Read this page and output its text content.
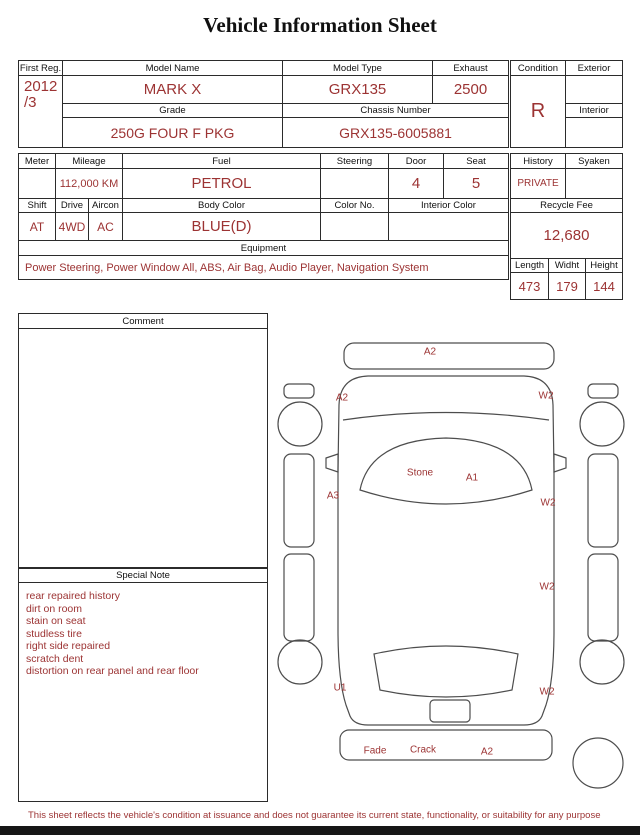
Vehicle Information Sheet
First Reg.	Model Name	Model Type	Exhaust
2012
/3	MARK X	GRX135	2500
	Grade	Chassis Number	
	250G FOUR F PKG	GRX135-6005881	
Condition	Exterior
R	
	Interior

Meter	Mileage	Fuel	Steering	Door	Seat
	112,000 KM	PETROL		4	5
Shift	Drive	Aircon	Body Color	Color No.	Interior Color
AT	4WD	AC	BLUE(D)		
Equipment
Power Steering, Power Window All, ABS, Air Bag, Audio Player, Navigation System
History	Syaken
PRIVATE	
Recycle Fee
12,680
Length	Widht	Height
473	179	144
Comment
Special Note
rear repaired history
dirt on room
stain on seat
studless tire
right side repaired
scratch dent
distortion on rear panel and rear floor
A2
A2	W2
Stone	A1
A3
W2
W2
U1	W2
Fade Crack	A2
This sheet reflects the vehicle's condition at issuance and does not guarantee its current state, functionality, or suitability for any purpose
